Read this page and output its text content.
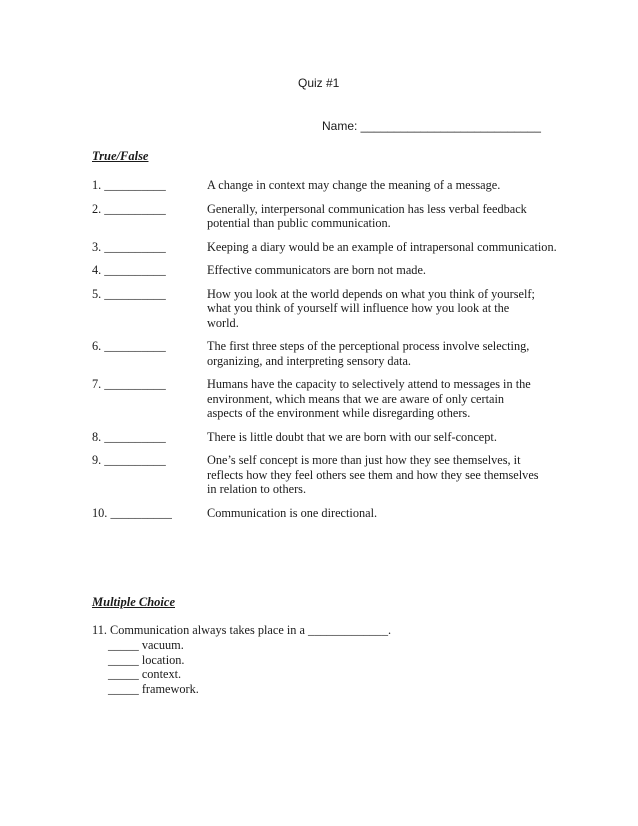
Quiz #1
Name: ___________________________
True/False
1. __________	A change in context may change the meaning of a message.
2. __________	Generally, interpersonal communication has less verbal feedback
potential than public communication.
3. __________	Keeping a diary would be an example of intrapersonal communication.
4. __________	Effective communicators are born not made.
5. __________	How you look at the world depends on what you think of yourself;
what you think of yourself will influence how you look at the
world.
6. __________	The first three steps of the perceptional process involve selecting,
organizing, and interpreting sensory data.
7. __________	Humans have the capacity to selectively attend to messages in the
environment, which means that we are aware of only certain
aspects of the environment while disregarding others.
8. __________	There is little doubt that we are born with our self-concept.
9. __________	One’s self concept is more than just how they see themselves, it
reflects how they feel others see them and how they see themselves
in relation to others.
10. __________	Communication is one directional.
Multiple Choice
11. Communication always takes place in a _____________.
_____ vacuum.
_____ location.
_____ context.
_____ framework.
